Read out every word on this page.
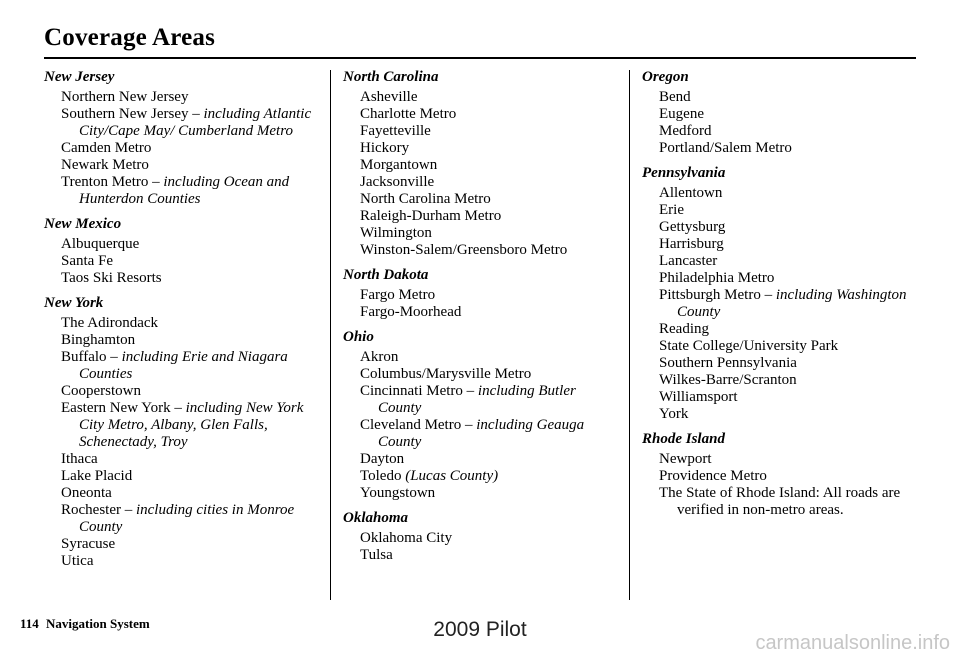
Coverage Areas
New Jersey
Northern New Jersey
Southern New Jersey – including Atlantic City/Cape May/ Cumberland Metro
Camden Metro
Newark Metro
Trenton Metro – including Ocean and Hunterdon Counties
New Mexico
Albuquerque
Santa Fe
Taos Ski Resorts
New York
The Adirondack
Binghamton
Buffalo – including Erie and Niagara Counties
Cooperstown
Eastern New York – including New York City Metro, Albany, Glen Falls, Schenectady, Troy
Ithaca
Lake Placid
Oneonta
Rochester – including cities in Monroe County
Syracuse
Utica
North Carolina
Asheville
Charlotte Metro
Fayetteville
Hickory
Morgantown
Jacksonville
North Carolina Metro
Raleigh-Durham Metro
Wilmington
Winston-Salem/Greensboro Metro
North Dakota
Fargo Metro
Fargo-Moorhead
Ohio
Akron
Columbus/Marysville Metro
Cincinnati Metro – including Butler County
Cleveland Metro – including Geauga County
Dayton
Toledo (Lucas County)
Youngstown
Oklahoma
Oklahoma City
Tulsa
Oregon
Bend
Eugene
Medford
Portland/Salem Metro
Pennsylvania
Allentown
Erie
Gettysburg
Harrisburg
Lancaster
Philadelphia Metro
Pittsburgh Metro – including Washington County
Reading
State College/University Park
Southern Pennsylvania
Wilkes-Barre/Scranton
Williamsport
York
Rhode Island
Newport
Providence Metro
The State of Rhode Island: All roads are verified in non-metro areas.
114 Navigation System	2009 Pilot
carmanualsonline.info
